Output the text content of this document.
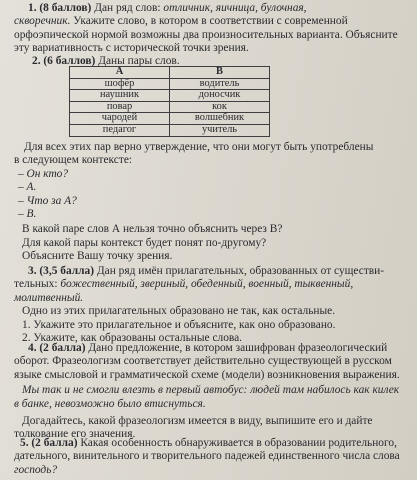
1. (8 баллов) Дан ряд слов: отличник, яичница, булочная,
скворечник. Укажите слово, в котором в соответствии с современной
орфоэпической нормой возможны два произносительных варианта. Объясните
эту вариативность с исторической точки зрения.
2. (6 баллов) Даны пары слов.
А	В
шофёр	водитель
наушник	доносчик
повар	кок
чародей	волшебник
педагог	учитель
Для всех этих пар верно утверждение, что они могут быть употреблены
в следующем контексте:
– Он кто?
– А.
– Что за А?
– В.
В какой паре слов А нельзя точно объяснить через В?
Для какой пары контекст будет понят по-другому?
Объясните Вашу точку зрения.
3. (3,5 балла) Дан ряд имён прилагательных, образованных от существи-
тельных: божественный, звериный, обеденный, военный, тыквенный,
молитвенный.
Одно из этих прилагательных образовано не так, как остальные.
1. Укажите это прилагательное и объясните, как оно образовано.
2. Укажите, как образованы остальные слова.
4. (2 балла) Дано предложение, в котором зашифрован фразеологический
оборот. Фразеологизм соответствует действительно существующей в русском
языке смысловой и грамматической схеме (модели) возникновения выражения.
Мы так и не смогли влезть в первый автобус: людей там набилось как килек
в банке, невозможно было втиснуться.
Догадайтесь, какой фразеологизм имеется в виду, выпишите его и дайте
толкование его значения.
5. (2 балла) Какая особенность обнаруживается в образовании родительного,
дательного, винительного и творительного падежей единственного числа слова
господь?
